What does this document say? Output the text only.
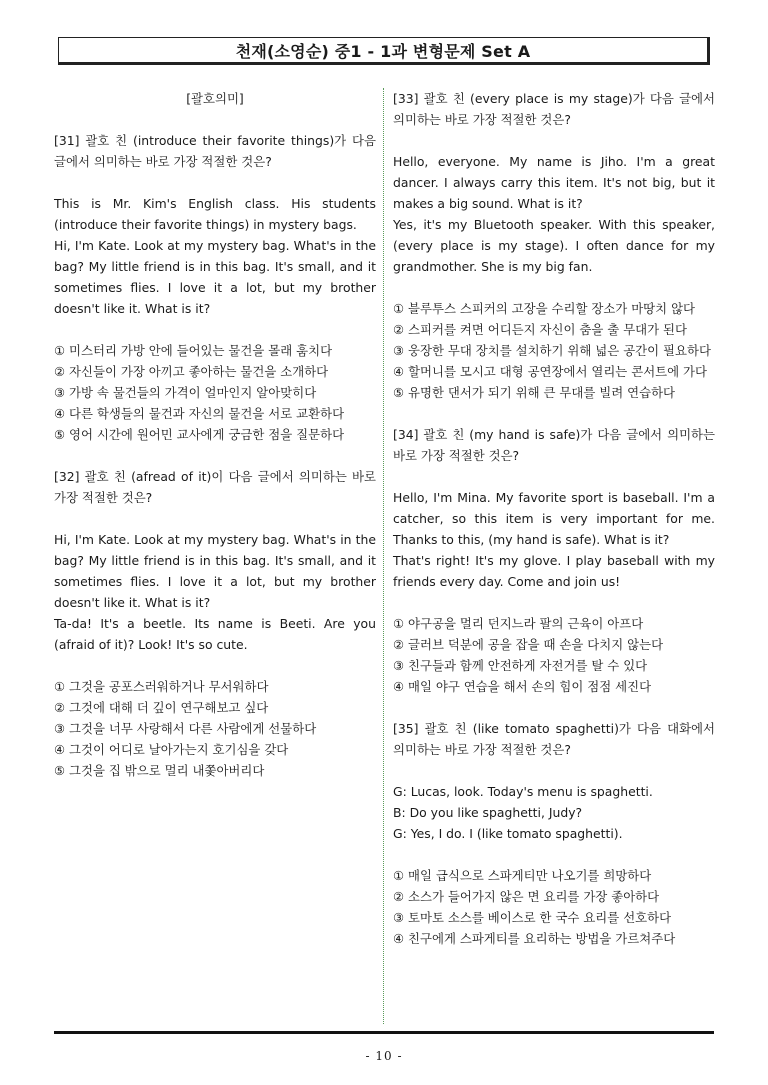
천재(소영순) 중1 - 1과 변형문제 Set A

[괄호의미]

[31] 괄호 친 (introduce their favorite things)가 다음 글에서 의미하는 바로 가장 적절한 것은?

This is Mr. Kim's English class. His students (introduce their favorite things) in mystery bags.

Hi, I'm Kate. Look at my mystery bag. What's in the bag? My little friend is in this bag. It's small, and it sometimes flies. I love it a lot, but my brother doesn't like it. What is it?

① 미스터리 가방 안에 들어있는 물건을 몰래 훔치다

② 자신들이 가장 아끼고 좋아하는 물건을 소개하다

③ 가방 속 물건들의 가격이 얼마인지 알아맞히다

④ 다른 학생들의 물건과 자신의 물건을 서로 교환하다

⑤ 영어 시간에 원어민 교사에게 궁금한 점을 질문하다

[32] 괄호 친 (afread of it)이 다음 글에서 의미하는 바로 가장 적절한 것은?

Hi, I'm Kate. Look at my mystery bag. What's in the bag? My little friend is in this bag. It's small, and it sometimes flies. I love it a lot, but my brother doesn't like it. What is it?

Ta-da! It's a beetle. Its name is Beeti. Are you (afraid of it)? Look! It's so cute.

① 그것을 공포스러워하거나 무서워하다

② 그것에 대해 더 깊이 연구해보고 싶다

③ 그것을 너무 사랑해서 다른 사람에게 선물하다

④ 그것이 어디로 날아가는지 호기심을 갖다

⑤ 그것을 집 밖으로 멀리 내쫓아버리다

[33] 괄호 친 (every place is my stage)가 다음 글에서 의미하는 바로 가장 적절한 것은?

Hello, everyone. My name is Jiho. I'm a great dancer. I always carry this item. It's not big, but it makes a big sound. What is it?

Yes, it's my Bluetooth speaker. With this speaker, (every place is my stage). I often dance for my grandmother. She is my big fan.

① 블루투스 스피커의 고장을 수리할 장소가 마땅치 않다

② 스피커를 켜면 어디든지 자신이 춤을 출 무대가 된다

③ 웅장한 무대 장치를 설치하기 위해 넓은 공간이 필요하다

④ 할머니를 모시고 대형 공연장에서 열리는 콘서트에 가다

⑤ 유명한 댄서가 되기 위해 큰 무대를 빌려 연습하다

[34] 괄호 친 (my hand is safe)가 다음 글에서 의미하는 바로 가장 적절한 것은?

Hello, I'm Mina. My favorite sport is baseball. I'm a catcher, so this item is very important for me. Thanks to this, (my hand is safe). What is it?

That's right! It's my glove. I play baseball with my friends every day. Come and join us!

① 야구공을 멀리 던지느라 팔의 근육이 아프다

② 글러브 덕분에 공을 잡을 때 손을 다치지 않는다

③ 친구들과 함께 안전하게 자전거를 탈 수 있다

④ 매일 야구 연습을 해서 손의 힘이 점점 세진다

[35] 괄호 친 (like tomato spaghetti)가 다음 대화에서 의미하는 바로 가장 적절한 것은?

G: Lucas, look. Today's menu is spaghetti.

B: Do you like spaghetti, Judy?

G: Yes, I do. I (like tomato spaghetti).

① 매일 급식으로 스파게티만 나오기를 희망하다

② 소스가 들어가지 않은 면 요리를 가장 좋아하다

③ 토마토 소스를 베이스로 한 국수 요리를 선호하다

④ 친구에게 스파게티를 요리하는 방법을 가르쳐주다

- 10 -
